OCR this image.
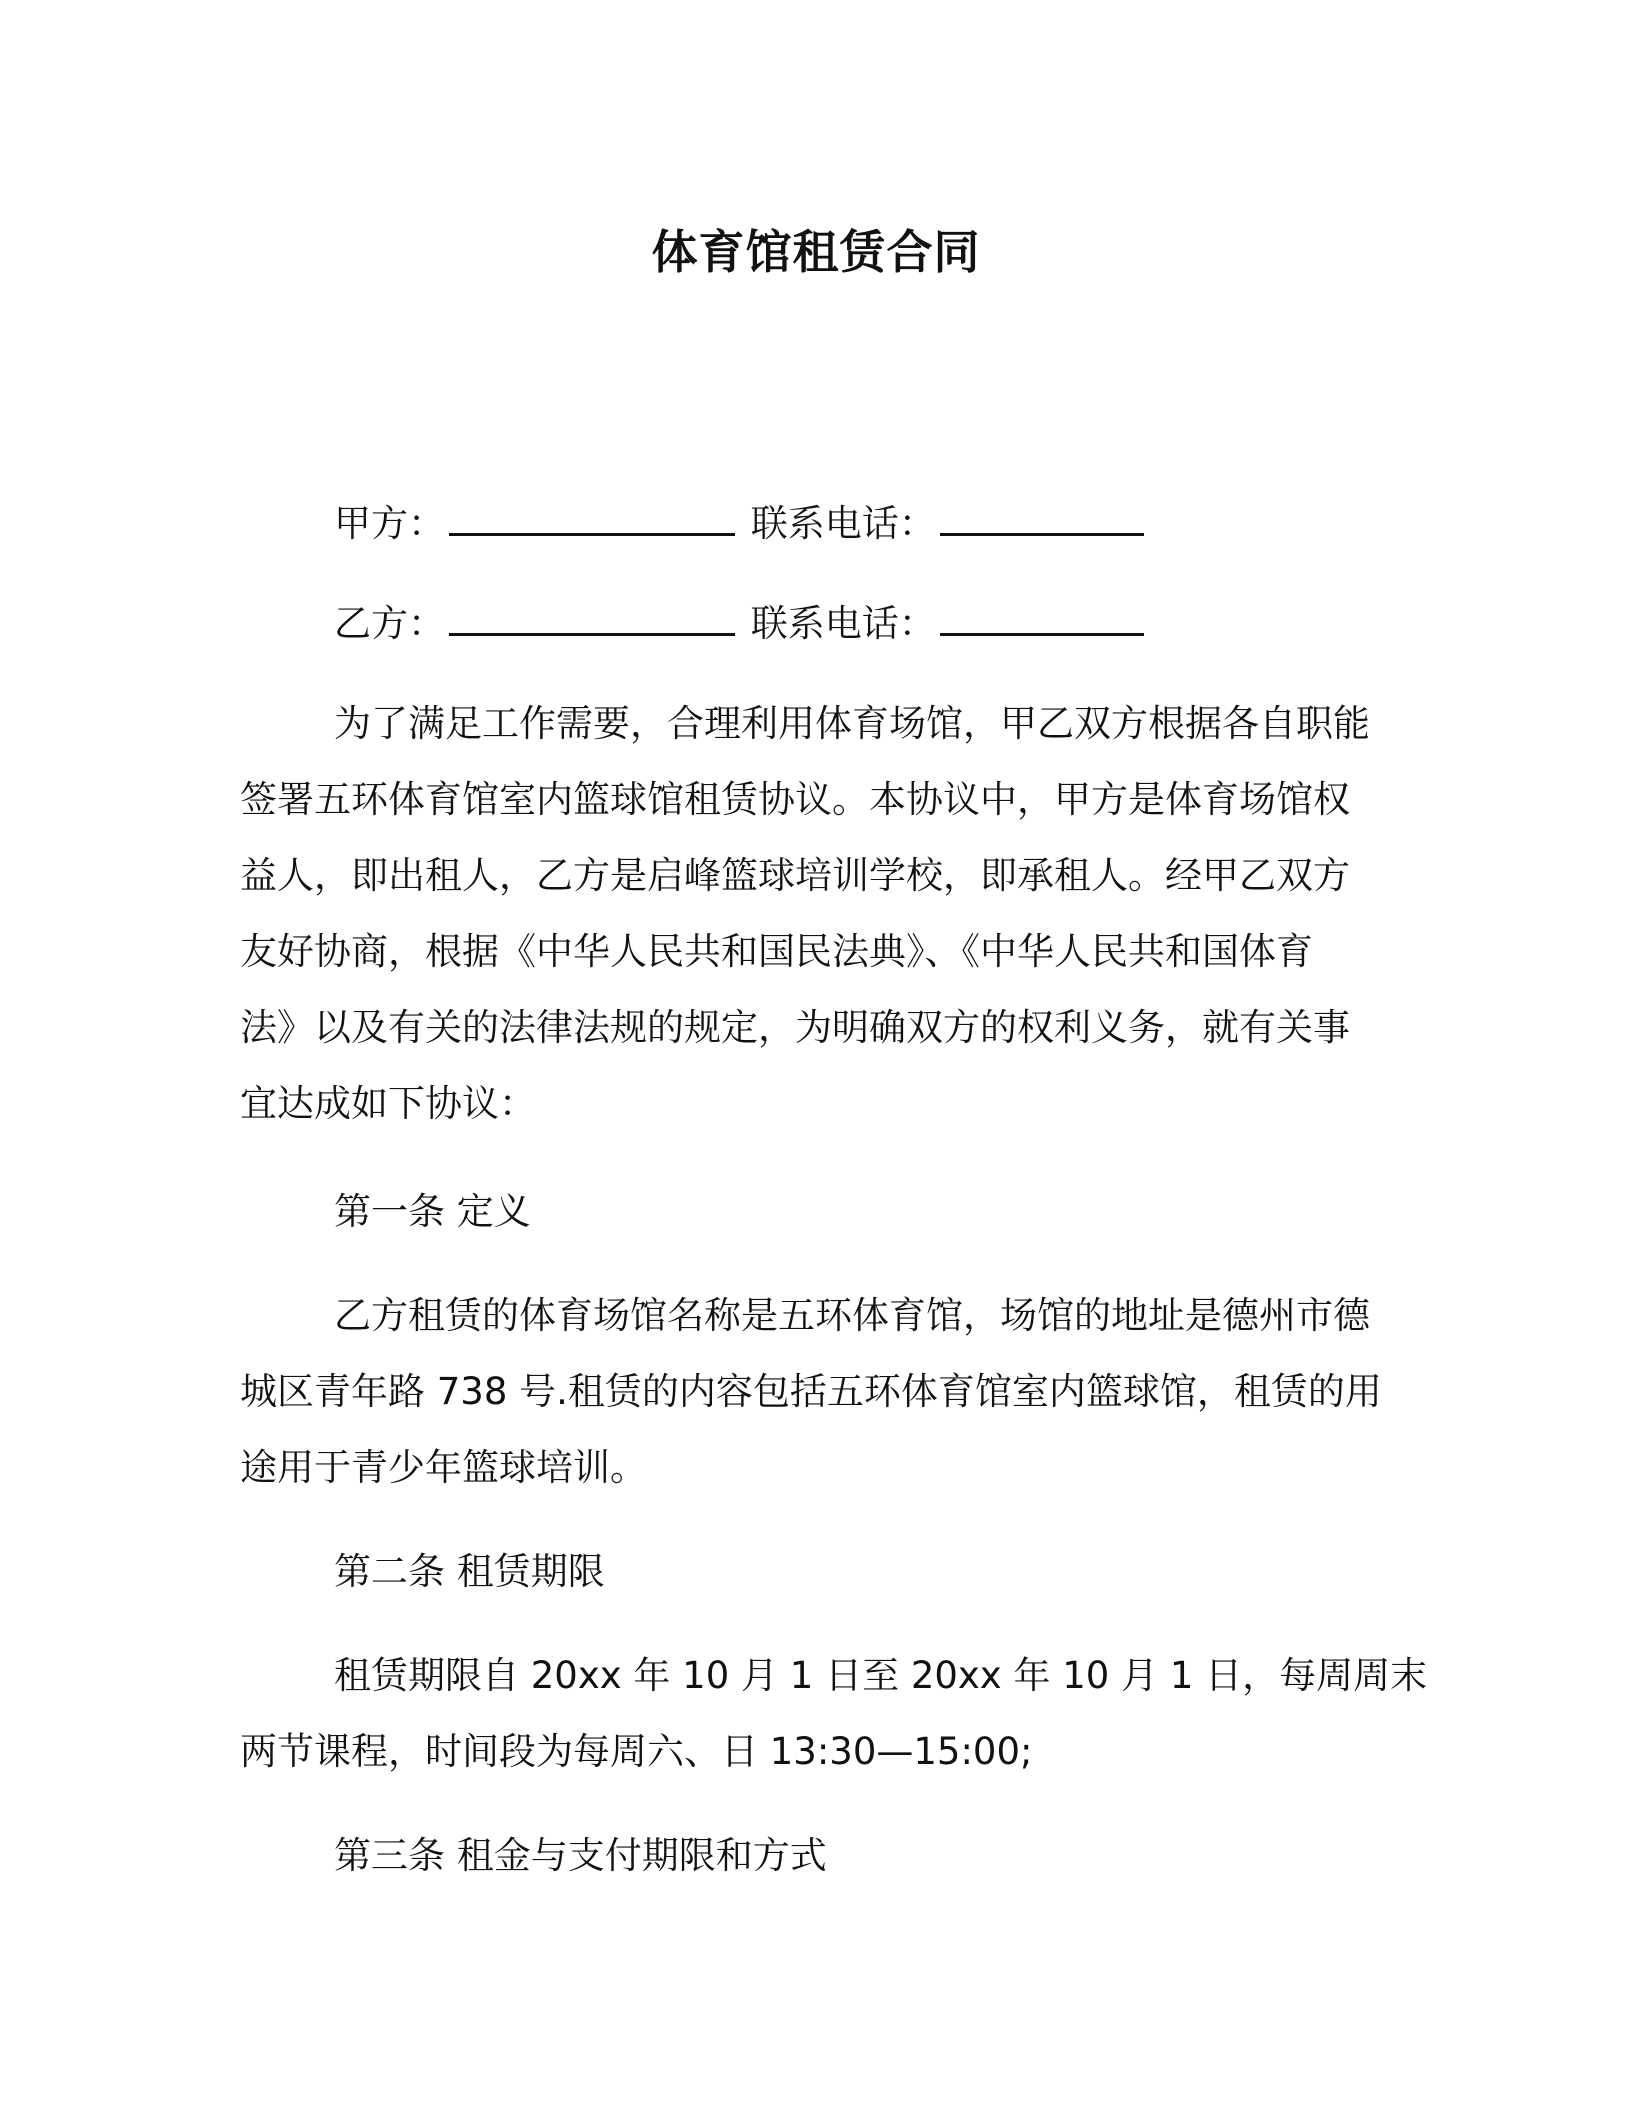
体育馆租赁合同
甲方：	联系电话：
乙方：	联系电话：
为了满足工作需要，合理利用体育场馆，甲乙双方根据各自职能
签署五环体育馆室内篮球馆租赁协议。本协议中，甲方是体育场馆权
益人，即出租人，乙方是启峰篮球培训学校，即承租人。经甲乙双方
友好协商，根据《中华人民共和国民法典》、《中华人民共和国体育
法》以及有关的法律法规的规定，为明确双方的权利义务，就有关事
宜达成如下协议：
第一条 定义
乙方租赁的体育场馆名称是五环体育馆，场馆的地址是德州市德
城区青年路 738 号.租赁的内容包括五环体育馆室内篮球馆，租赁的用
途用于青少年篮球培训。
第二条 租赁期限
租赁期限自 20xx 年 10 月 1 日至 20xx 年 10 月 1 日，每周周末
两节课程，时间段为每周六、日 13:30—15:00;
第三条 租金与支付期限和方式
